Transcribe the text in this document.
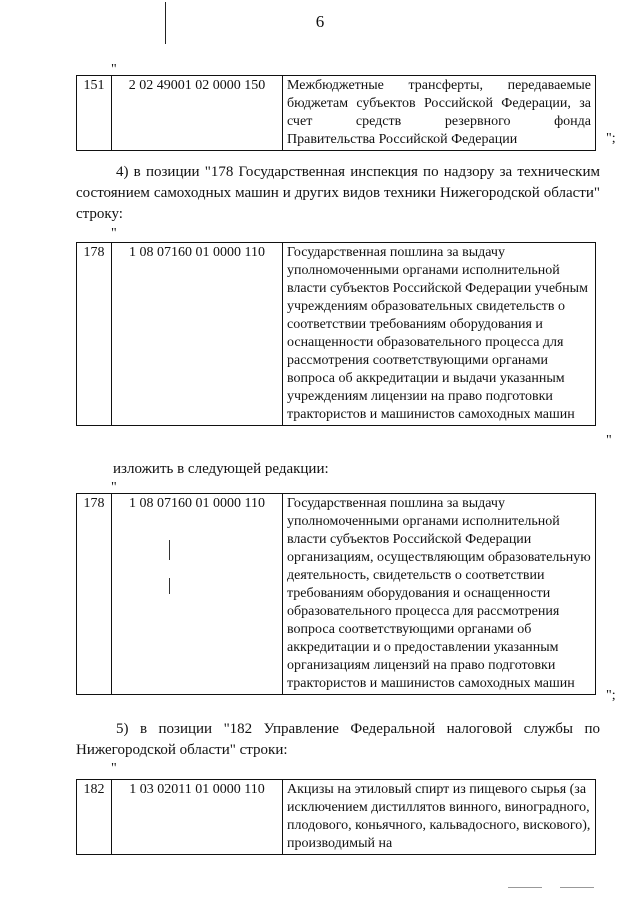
6
"
151	2 02 49001 02 0000 150	Межбюджетные трансферты, передаваемые бюджетам субъектов Российской Федерации, за счет средств резервного фонда
Правительства Российской Федерации	";

4) в позиции "178 Государственная инспекция по надзору за техническим состоянием самоходных машин и других видов техники Нижегородской области" строку:

"
178	1 08 07160 01 0000 110	Государственная пошлина за выдачу уполномоченными органами исполнительной власти субъектов Российской Федерации учебным учреждениям образовательных свидетельств о соответствии требованиям оборудования и оснащенности образовательного процесса для рассмотрения соответствующими органами вопроса об аккредитации и выдачи указанным учреждениям лицензии на право подготовки трактористов и машинистов самоходных машин
"

изложить в следующей редакции:

"
178	1 08 07160 01 0000 110	Государственная пошлина за выдачу уполномоченными органами исполнительной власти субъектов Российской Федерации организациям, осуществляющим образовательную деятельность, свидетельств о соответствии требованиям оборудования и оснащенности образовательного процесса для рассмотрения вопроса соответствующими органами об аккредитации и о предоставлении указанным организациям лицензий на право подготовки трактористов и машинистов самоходных машин
";

5) в позиции "182 Управление Федеральной налоговой службы по Нижегородской области" строки:

"
182	1 03 02011 01 0000 110	Акцизы на этиловый спирт из пищевого сырья (за исключением дистиллятов винного, виноградного, плодового, коньячного, кальвадосного, вискового), производимый на
